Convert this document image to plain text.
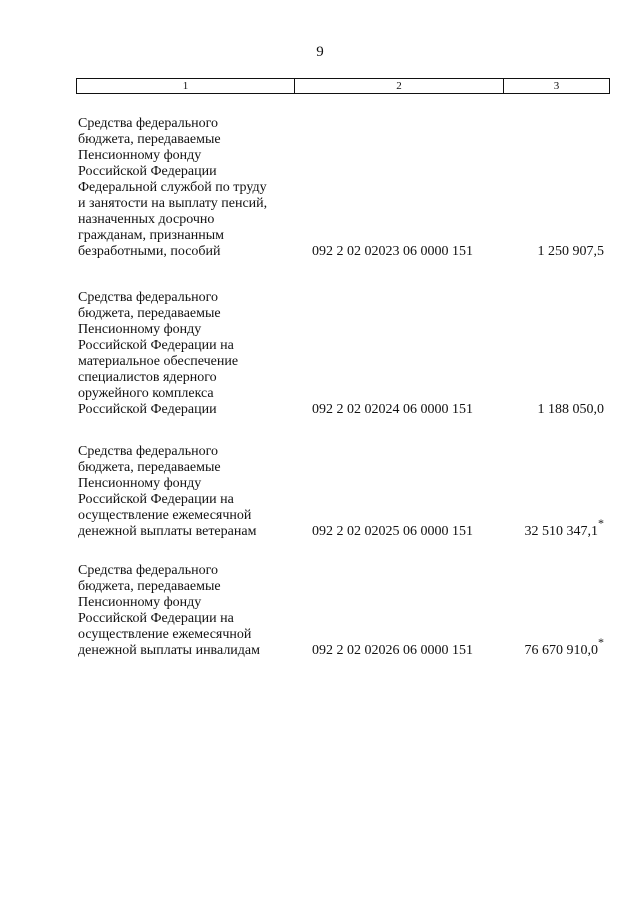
9
1	2	3
Средства федерального
бюджета, передаваемые
Пенсионному фонду
Российской Федерации
Федеральной службой по труду
и занятости на выплату пенсий,
назначенных досрочно
гражданам, признанным
безработными, пособий	092 2 02 02023 06 0000 151	1 250 907,5
Средства федерального
бюджета, передаваемые
Пенсионному фонду
Российской Федерации на
материальное обеспечение
специалистов ядерного
оружейного комплекса
Российской Федерации	092 2 02 02024 06 0000 151	1 188 050,0
Средства федерального
бюджета, передаваемые
Пенсионному фонду
Российской Федерации на
осуществление ежемесячной
денежной выплаты ветеранам	092 2 02 02025 06 0000 151	32 510 347,1*
Средства федерального
бюджета, передаваемые
Пенсионному фонду
Российской Федерации на
осуществление ежемесячной
денежной выплаты инвалидам	092 2 02 02026 06 0000 151	76 670 910,0*
